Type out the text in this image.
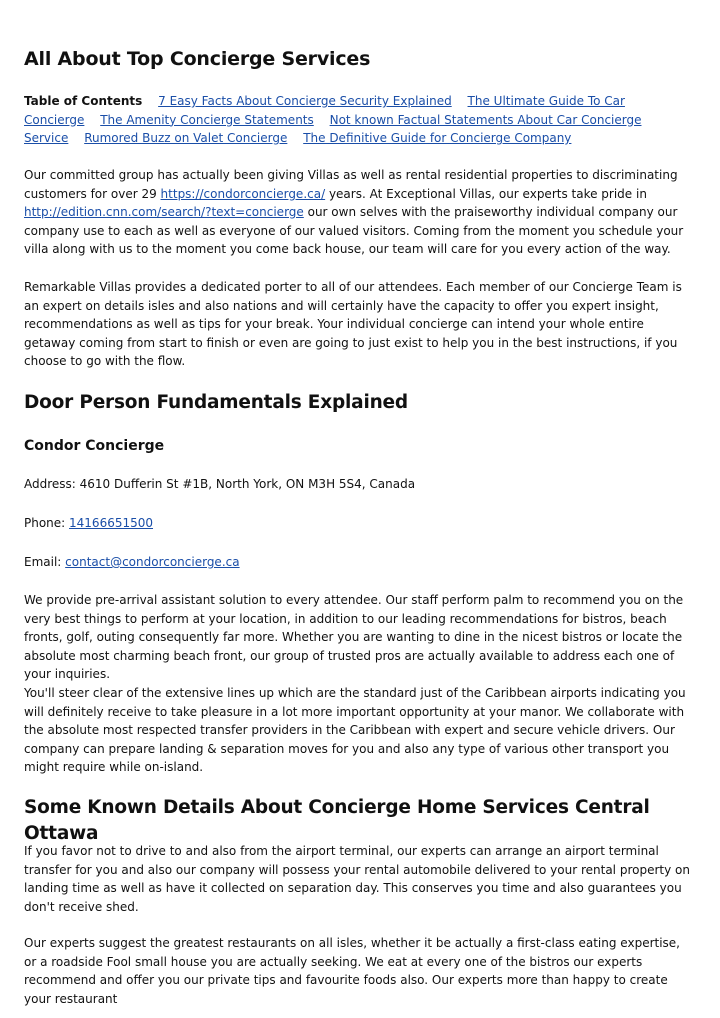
All About Top Concierge Services
Table of Contents 7 Easy Facts About Concierge Security Explained The Ultimate Guide To Car Concierge The Amenity Concierge Statements Not known Factual Statements About Car Concierge Service Rumored Buzz on Valet Concierge The Definitive Guide for Concierge Company

Our committed group has actually been giving Villas as well as rental residential properties to discriminating customers for over 29 https://condorconcierge.ca/ years. At Exceptional Villas, our experts take pride in http://edition.cnn.com/search/?text=concierge our own selves with the praiseworthy individual company our company use to each as well as everyone of our valued visitors. Coming from the moment you schedule your villa along with us to the moment you come back house, our team will care for you every action of the way.

Remarkable Villas provides a dedicated porter to all of our attendees. Each member of our Concierge Team is an expert on details isles and also nations and will certainly have the capacity to offer you expert insight, recommendations as well as tips for your break. Your individual concierge can intend your whole entire getaway coming from start to finish or even are going to just exist to help you in the best instructions, if you choose to go with the flow.

Door Person Fundamentals Explained
Condor Concierge

Address: 4610 Dufferin St #1B, North York, ON M3H 5S4, Canada

Phone: 14166651500

Email: contact@condorconcierge.ca

We provide pre-arrival assistant solution to every attendee. Our staff perform palm to recommend you on the very best things to perform at your location, in addition to our leading recommendations for bistros, beach fronts, golf, outing consequently far more. Whether you are wanting to dine in the nicest bistros or locate the absolute most charming beach front, our group of trusted pros are actually available to address each one of your inquiries.

You'll steer clear of the extensive lines up which are the standard just of the Caribbean airports indicating you will definitely receive to take pleasure in a lot more important opportunity at your manor. We collaborate with the absolute most respected transfer providers in the Caribbean with expert and secure vehicle drivers. Our company can prepare landing & separation moves for you and also any type of various other transport you might require while on-island.

Some Known Details About Concierge Home Services Central Ottawa

If you favor not to drive to and also from the airport terminal, our experts can arrange an airport terminal transfer for you and also our company will possess your rental automobile delivered to your rental property on landing time as well as have it collected on separation day. This conserves you time and also guarantees you don't receive shed.

Our experts suggest the greatest restaurants on all isles, whether it be actually a first-class eating expertise, or a roadside Fool small house you are actually seeking. We eat at every one of the bistros our experts recommend and offer you our private tips and favourite foods also. Our experts more than happy to create your restaurant
